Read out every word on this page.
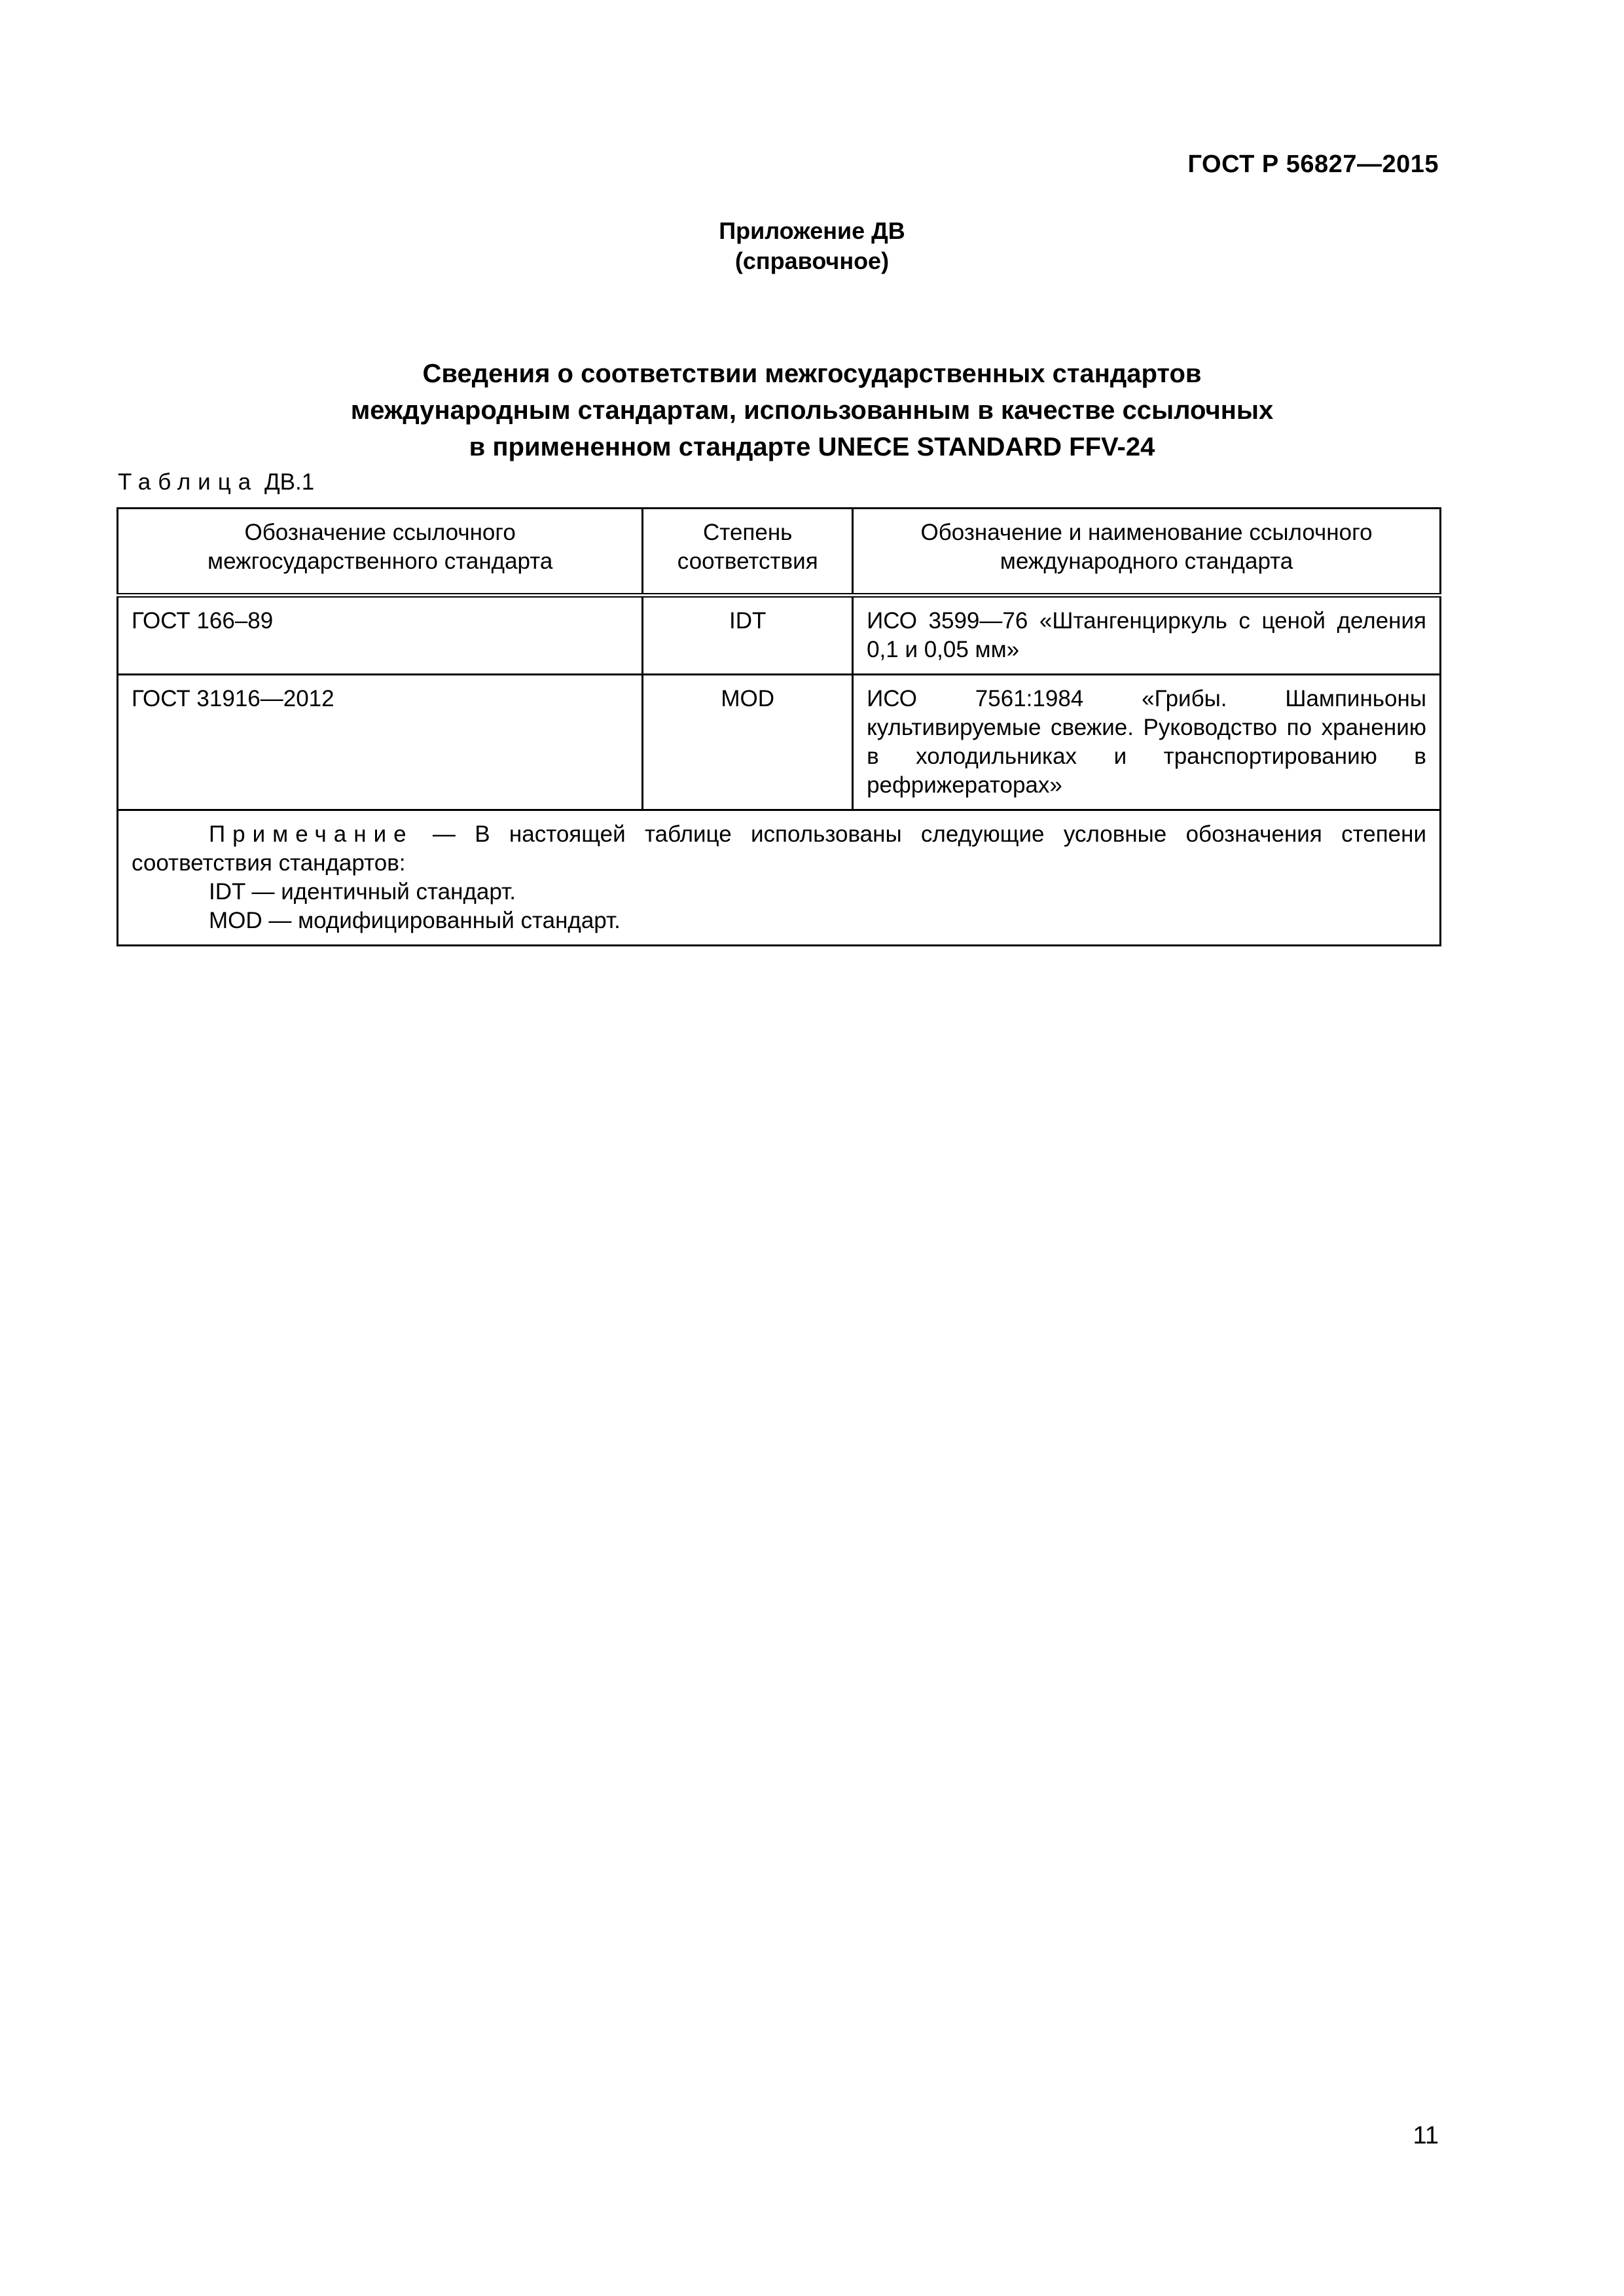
ГОСТ Р 56827—2015
Приложение ДВ
(справочное)
Сведения о соответствии межгосударственных стандартов
международным стандартам, использованным в качестве ссылочных
в примененном стандарте UNECE STANDARD FFV-24
Таблица ДВ.1
Обозначение ссылочного межгосударственного стандарта	Степень соответствия	Обозначение и наименование ссылочного международного стандарта

ГОСТ 166–89	IDT	ИСО 3599—76 «Штангенциркуль с ценой деления 0,1 и 0,05 мм»

ГОСТ 31916—2012	MOD	ИСО 7561:1984 «Грибы. Шампиньоны культивируемые свежие. Руководство по хранению в холодильниках и транспортированию в рефрижераторах»

Примечание — В настоящей таблице использованы следующие условные обозначения степени соответствия стандартов:

IDT — идентичный стандарт.

MOD — модифицированный стандарт.		

11
